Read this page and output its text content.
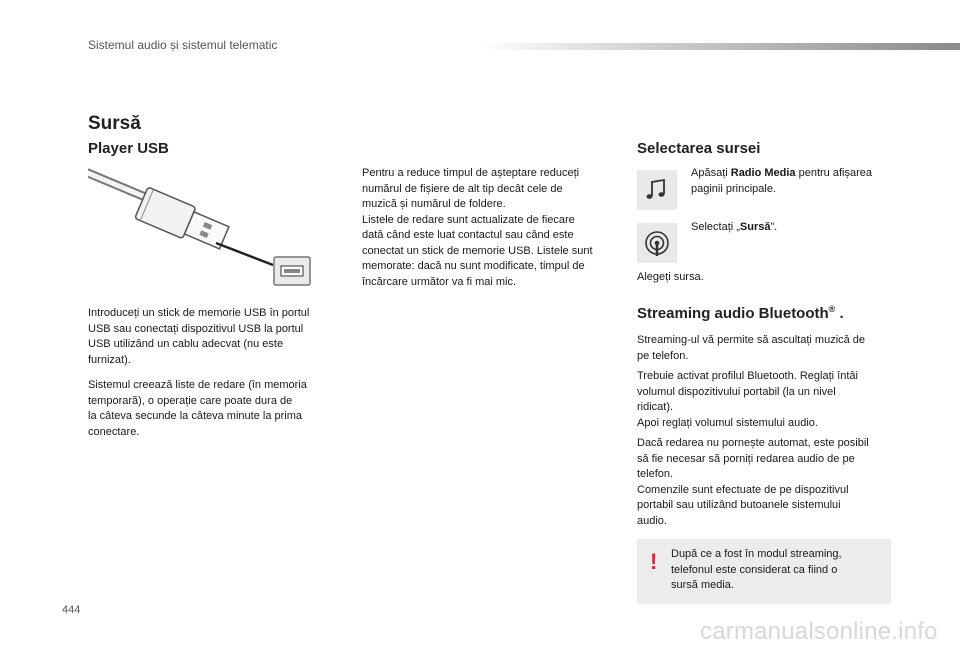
Sistemul audio și sistemul telematic
Sursă
Player USB
Introduceți un stick de memorie USB în portul
USB sau conectați dispozitivul USB la portul
USB utilizând un cablu adecvat (nu este
furnizat).
Sistemul creează liste de redare (în memoria
temporară), o operație care poate dura de
la câteva secunde la câteva minute la prima
conectare.
Pentru a reduce timpul de așteptare reduceți
numărul de fișiere de alt tip decât cele de
muzică și numărul de foldere.
Listele de redare sunt actualizate de fiecare
dată când este luat contactul sau când este
conectat un stick de memorie USB. Listele sunt
memorate: dacă nu sunt modificate, timpul de
încărcare următor va fi mai mic.
Selectarea sursei
Apăsați Radio Media pentru afișarea
paginii principale.
Selectați „Sursă”.
Alegeți sursa.
Streaming audio Bluetooth® .
Streaming-ul vă permite să ascultați muzică de
pe telefon.
Trebuie activat profilul Bluetooth. Reglați întâi
volumul dispozitivului portabil (la un nivel
ridicat).
Apoi reglați volumul sistemului audio.
Dacă redarea nu pornește automat, este posibil
să fie necesar să porniți redarea audio de pe
telefon.
Comenzile sunt efectuate de pe dispozitivul
portabil sau utilizând butoanele sistemului
audio.
! După ce a fost în modul streaming,
telefonul este considerat ca fiind o
sursă media.
444
carmanualsonline.info
